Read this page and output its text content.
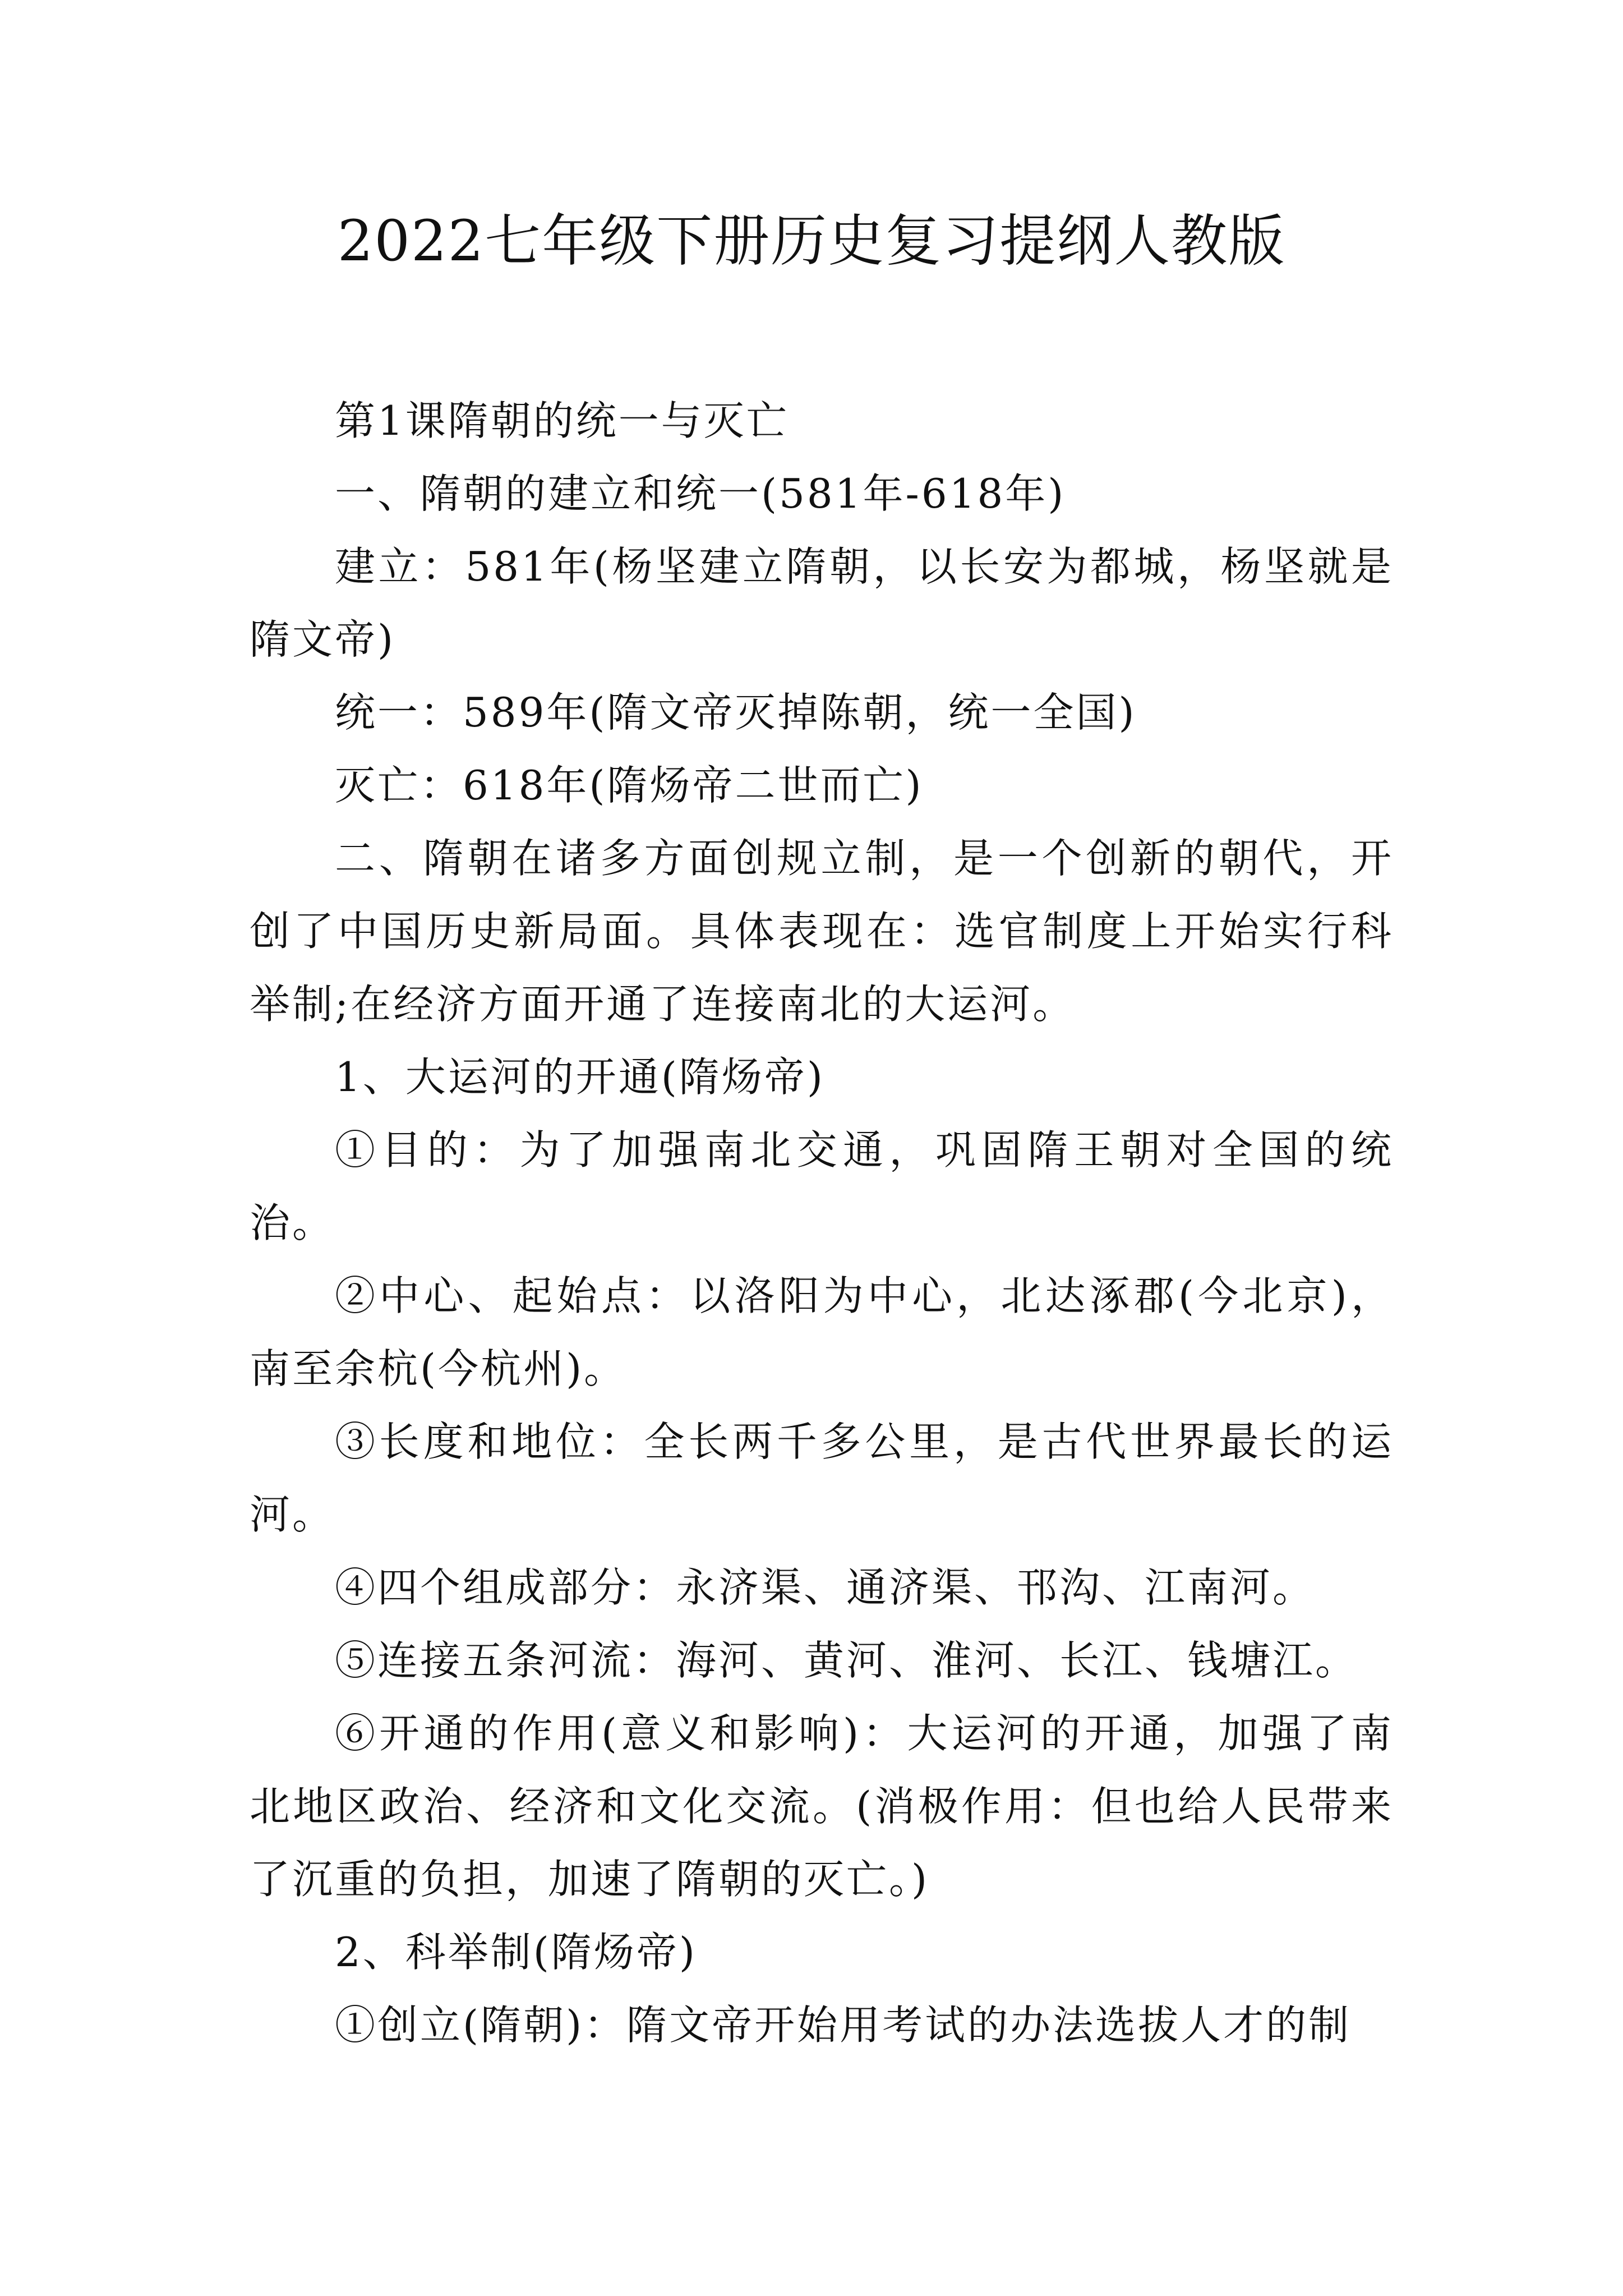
2022七年级下册历史复习提纲人教版

第1课隋朝的统一与灭亡

一、隋朝的建立和统一(581年-618年)

建立：581年(杨坚建立隋朝，以长安为都城，杨坚就是隋文帝)

统一：589年(隋文帝灭掉陈朝，统一全国)

灭亡：618年(隋炀帝二世而亡)

二、隋朝在诸多方面创规立制，是一个创新的朝代，开创了中国历史新局面。具体表现在：选官制度上开始实行科举制;在经济方面开通了连接南北的大运河。

1、大运河的开通(隋炀帝)

①目的：为了加强南北交通，巩固隋王朝对全国的统治。

②中心、起始点：以洛阳为中心，北达涿郡(今北京)，南至余杭(今杭州)。

③长度和地位：全长两千多公里，是古代世界最长的运河。

④四个组成部分：永济渠、通济渠、邗沟、江南河。

⑤连接五条河流：海河、黄河、淮河、长江、钱塘江。

⑥开通的作用(意义和影响)：大运河的开通，加强了南北地区政治、经济和文化交流。(消极作用：但也给人民带来了沉重的负担，加速了隋朝的灭亡。)

2、科举制(隋炀帝)

①创立(隋朝)：隋文帝开始用考试的办法选拔人才的制
